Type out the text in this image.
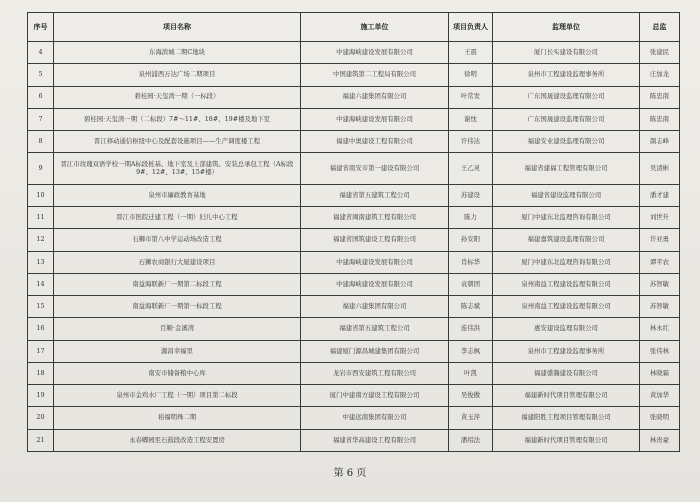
序号	项目名称	施工单位	项目负责人	监理单位	总监
4	东海滨城二期C地块	中建海峡建设发展有限公司	王震	厦门长实建设有限公司	张建民
5	泉州浦西万达广场二期项目	中国建筑第二工程局有限公司	徐明	泉州市工程建设监理事务所	庄加龙
6	碧桂园·天玺湾一期（一标段）	福建六建集团有限公司	叶常发	广东国晟建设监理有限公司	陈忠南
7	碧桂园·天玺湾一期（二标段）7#～11#、18#、19#楼及地下室	中建海峡建设发展有限公司	谢忱	广东国晟建设监理有限公司	陈忠南
8	晋江移动通信枢纽中心及配套设施项目——生产调度楼工程	福建中奥建设工程有限公司	许伟达	福建安业建设监理有限公司	颜志峰
9	晋江市玫瑰双语学校一期A标段桩基、地下室及上部建筑、安装总承包工程（A标段9#、12#、13#、15#楼）	福建省南安市第一建设有限公司	王乙灵	福建省建福工程管理有限公司	吴清彬
10	泉州市廉政教育基地	福建省第五建筑工程公司	苏建设	福建省建设监理有限公司	潘才建
11	晋江市医院迁建工程（一期）妇儿中心工程	福建省闽南建筑工程有限公司	陈力	厦门中建东北监理咨询有限公司	刘世升
12	石狮市第八中学运动场改造工程	福建省国筑建设工程有限公司	孙安阳	福建嘉筑建设监理有限公司	许亚勇
13	石狮农商银行大厦建设项目	中建海峡建设发展有限公司	肖标华	厦门中建东北监理咨询有限公司	谭平农
14	南益海联新厂一期第二标段工程	中建海峡建设发展有限公司	袁朝团	泉州南益工程建设监理有限公司	苏智敏
15	南益海联新厂一期第一标段工程	福建六建集团有限公司	陈志斌	泉州南益工程建设监理有限公司	苏智敏
16	百顺·金溪湾	福建省第五建筑工程公司	连伟洪	惠安建设监理有限公司	林永红
17	源昌幸福里	福建厦门源昌城建集团有限公司	李志枫	泉州市工程建设监理事务所	张伟林
18	南安市储备粮中心库	龙岩市西安建筑工程有限公司	叶凯	福建盛瀚建设有限公司	林晓霜
19	泉州市金鸡水厂工程（一期）项目第二标段	厦门中建南方建设工程有限公司	吴俊傲	福建新时代项目管理有限公司	黄加华
20	裕福明珠二期	中建远南集团有限公司	黄玉萍	福建阳胜工程项目管理有限公司	张晓明
21	永春卿园至石鼓段改造工程安置房	福建省华高建设工程有限公司	潘绍法	福建新时代项目管理有限公司	林贵豪
第 6 页
